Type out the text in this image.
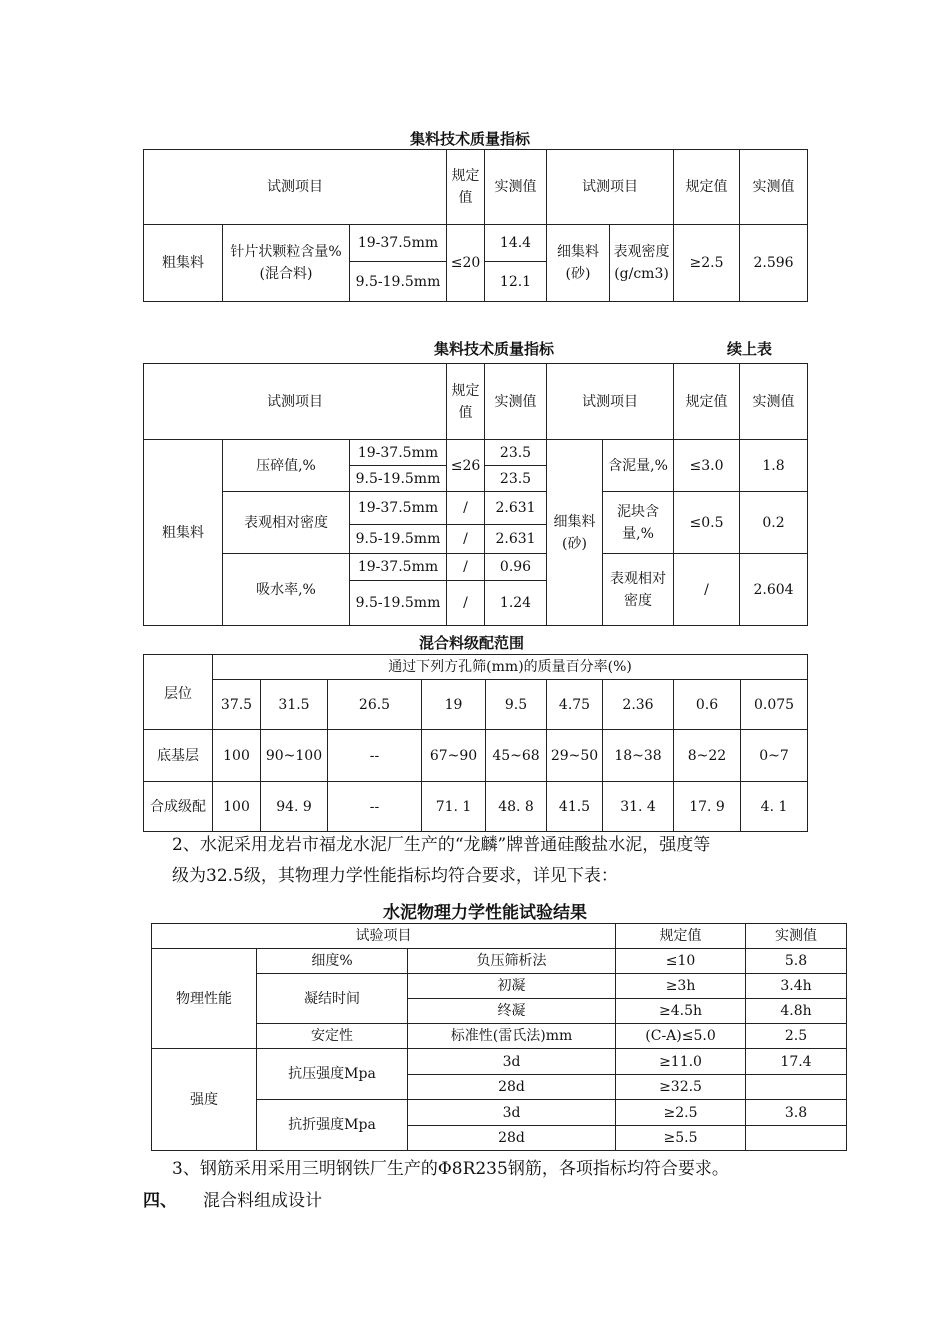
集料技术质量指标
试测项目			规定值	实测值	试测项目		规定值	实测值
粗集料	针片状颗粒含量%(混合料)	19-37.5mm	≤20	14.4	细集料(砂)	表观密度(g/cm3)	≥2.5	2.596
		9.5-19.5mm		12.1				
集料技术质量指标	续上表
试测项目			规定值	实测值	试测项目		规定值	实测值
粗集料	压碎值,%	19-37.5mm	≤26	23.5	细集料(砂)	含泥量,%	≤3.0	1.8
		9.5-19.5mm		23.5				
	表观相对密度	19-37.5mm	/	2.631		泥块含量,%	≤0.5	0.2
		9.5-19.5mm	/	2.631				
	吸水率,%	19-37.5mm	/	0.96		表观相对密度	/	2.604
		9.5-19.5mm	/	1.24				
混合料级配范围
层位	通过下列方孔筛(mm)的质量百分率(%)								
	37.5	31.5	26.5	19	9.5	4.75	2.36	0.6	0.075
底基层	100	90~100	--	67~90	45~68	29~50	18~38	8~22	0~7
合成级配	100	94. 9	--	71. 1	48. 8	41.5	31. 4	17. 9	4. 1
2、水泥采用龙岩市福龙水泥厂生产的“龙麟”牌普通硅酸盐水泥，强度等
级为32.5级，其物理力学性能指标均符合要求，详见下表：
水泥物理力学性能试验结果
试验项目			规定值	实测值
物理性能	细度%	负压筛析法	≤10	5.8
	凝结时间	初凝	≥3h	3.4h
		终凝	≥4.5h	4.8h
	安定性	标准性(雷氏法)mm	(C-A)≤5.0	2.5
强度	抗压强度Mpa	3d	≥11.0	17.4
		28d	≥32.5	
	抗折强度Mpa	3d	≥2.5	3.8
		28d	≥5.5	
3、钢筋采用采用三明钢铁厂生产的Φ8R235钢筋，各项指标均符合要求。
四、 混合料组成设计
